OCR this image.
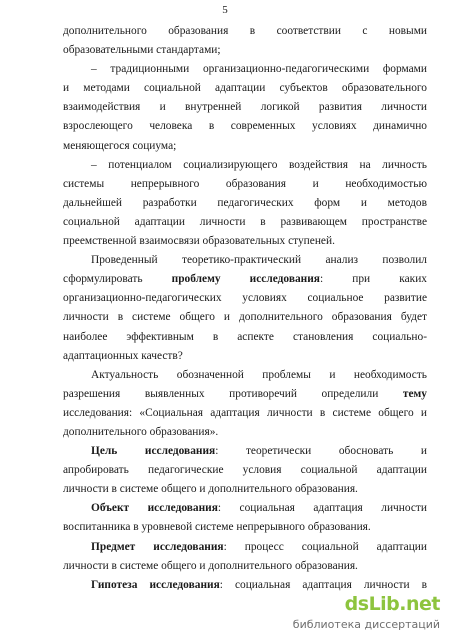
5
дополнительного образования в соответствии с новыми
образовательными стандартами;
– традиционными организационно-педагогическими формами
и методами социальной адаптации субъектов образовательного
взаимодействия и внутренней логикой развития личности
взрослеющего человека в современных условиях динамично
меняющегося социума;
– потенциалом социализирующего воздействия на личность
системы непрерывного образования и необходимостью
дальнейшей разработки педагогических форм и методов
социальной адаптации личности в развивающем пространстве
преемственной взаимосвязи образовательных ступеней.
Проведенный теоретико-практический анализ позволил
сформулировать	проблему исследования: при каких
организационно-педагогических условиях социальное развитие
личности в системе общего и дополнительного образования будет
наиболее эффективным в аспекте становления социально-
адаптационных качеств?
Актуальность обозначенной проблемы и необходимость
разрешения выявленных противоречий определили тему
исследования: «Социальная адаптация личности в системе общего и
дополнительного образования».
Цель исследования: теоретически обосновать и
апробировать педагогические условия социальной адаптации
личности в системе общего и дополнительного образования.
Объект исследования: социальная адаптация личности
воспитанника в уровневой системе непрерывного образования.
Предмет исследования: процесс социальной адаптации
личности в системе общего и дополнительного образования.
Гипотеза исследования: социальная адаптация личности в
dsLib.net
библиотека диссертаций
